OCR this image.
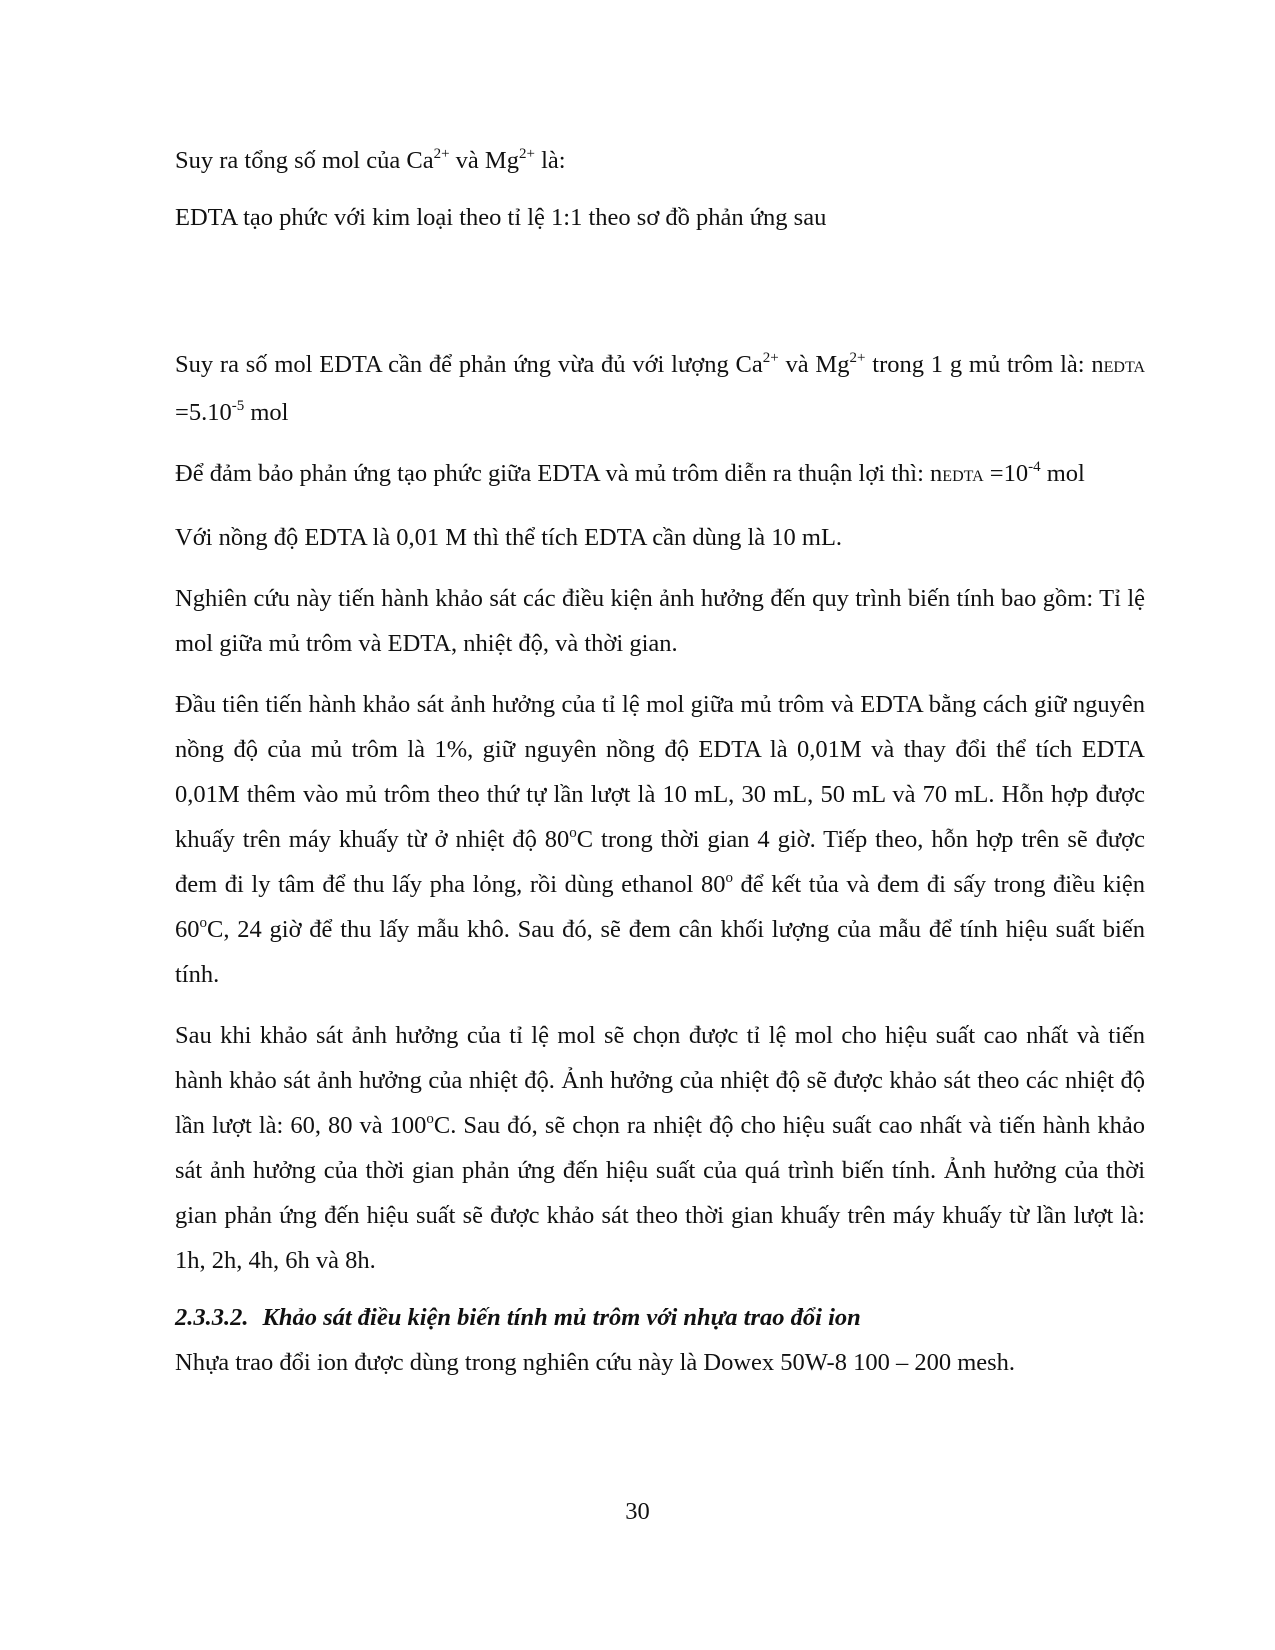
Suy ra tổng số mol của $Ca^{2+}$ và $Mg^{2+}$ là:

EDTA tạo phức với kim loại theo tỉ lệ 1:1 theo sơ đồ phản ứng sau

Suy ra số mol EDTA cần để phản ứng vừa đủ với lượng $Ca^{2+}$ và $Mg^{2+}$ trong 1 g mủ trôm là: nEDTA $=5.10^{-5}$ mol

Để đảm bảo phản ứng tạo phức giữa EDTA và mủ trôm diễn ra thuận lợi thì: nEDTA $=10^{-4}$ mol

Với nồng độ EDTA là 0,01 M thì thể tích EDTA cần dùng là 10 mL.

Nghiên cứu này tiến hành khảo sát các điều kiện ảnh hưởng đến quy trình biến tính bao gồm: Tỉ lệ mol giữa mủ trôm và EDTA, nhiệt độ, và thời gian.

Đầu tiên tiến hành khảo sát ảnh hưởng của tỉ lệ mol giữa mủ trôm và EDTA bằng cách giữ nguyên nồng độ của mủ trôm là 1%, giữ nguyên nồng độ EDTA là 0,01M và thay đổi thể tích EDTA 0,01M thêm vào mủ trôm theo thứ tự lần lượt là 10 mL, 30 mL, 50 mL và 70 mL. Hỗn hợp được khuấy trên máy khuấy từ ở nhiệt độ 80$^o$C trong thời gian 4 giờ. Tiếp theo, hỗn hợp trên sẽ được đem đi ly tâm để thu lấy pha lỏng, rồi dùng ethanol 80$^o$ để kết tủa và đem đi sấy trong điều kiện 60$^o$C, 24 giờ để thu lấy mẫu khô. Sau đó, sẽ đem cân khối lượng của mẫu để tính hiệu suất biến tính.

Sau khi khảo sát ảnh hưởng của tỉ lệ mol sẽ chọn được tỉ lệ mol cho hiệu suất cao nhất và tiến hành khảo sát ảnh hưởng của nhiệt độ. Ảnh hưởng của nhiệt độ sẽ được khảo sát theo các nhiệt độ lần lượt là: 60, 80 và 100$^o$C. Sau đó, sẽ chọn ra nhiệt độ cho hiệu suất cao nhất và tiến hành khảo sát ảnh hưởng của thời gian phản ứng đến hiệu suất của quá trình biến tính. Ảnh hưởng của thời gian phản ứng đến hiệu suất sẽ được khảo sát theo thời gian khuấy trên máy khuấy từ lần lượt là: 1h, 2h, 4h, 6h và 8h.

2.3.3.2. Khảo sát điều kiện biến tính mủ trôm với nhựa trao đổi ion

Nhựa trao đổi ion được dùng trong nghiên cứu này là Dowex 50W-8 100 – 200 mesh.

30
